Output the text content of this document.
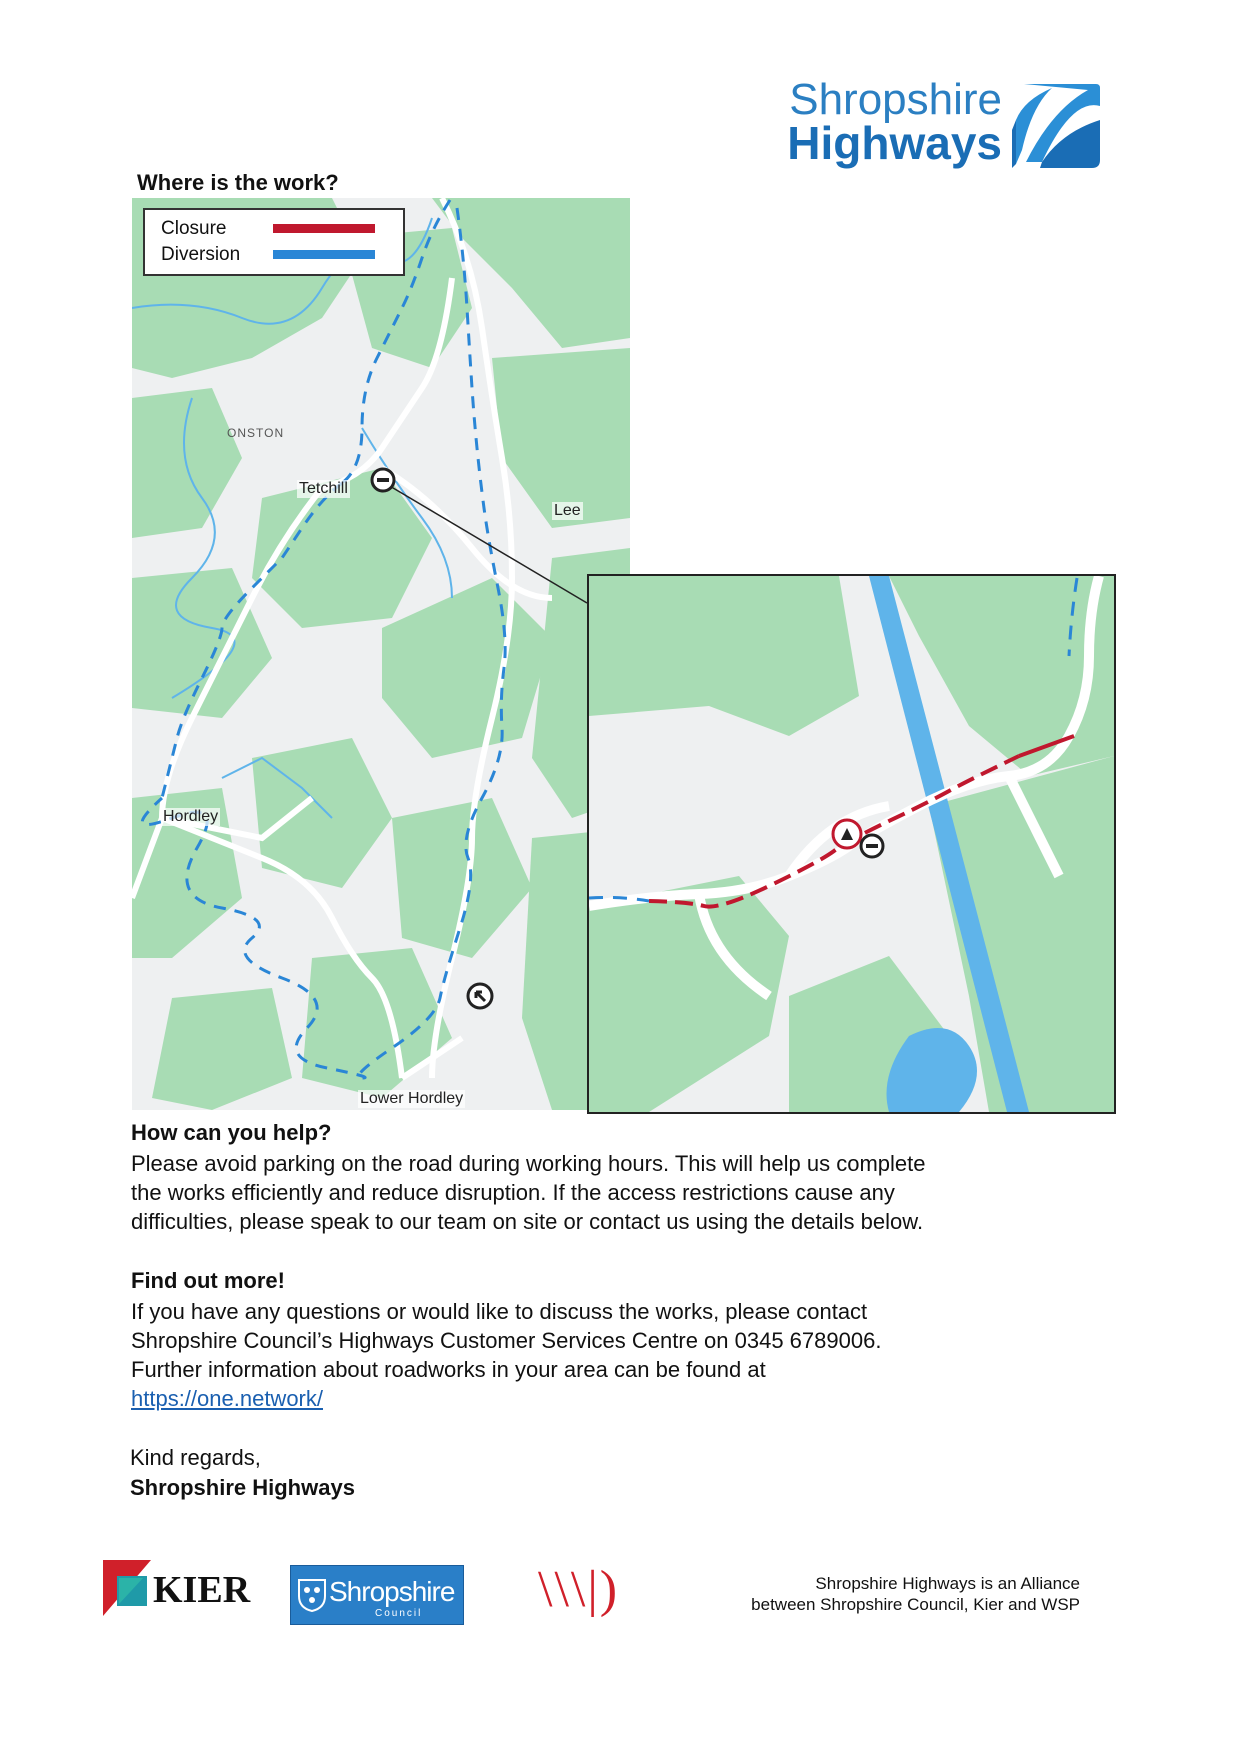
Shropshire
Highways
Where is the work?
ONSTON
Tetchill
Lee
Hordley
Lower Hordley
Closure
Diversion
How can you help?
Please avoid parking on the road during working hours. This will help us complete
the works efficiently and reduce disruption. If the access restrictions cause any
difficulties, please speak to our team on site or contact us using the details below.
Find out more!
If you have any questions or would like to discuss the works, please contact
Shropshire Council’s Highways Customer Services Centre on 0345 6789006.
Further information about roadworks in your area can be found at
https://one.network/
Kind regards,
Shropshire Highways
KIER	Shropshire
Council \\\|)	Shropshire Highways is an Alliance
between Shropshire Council, Kier and WSP
